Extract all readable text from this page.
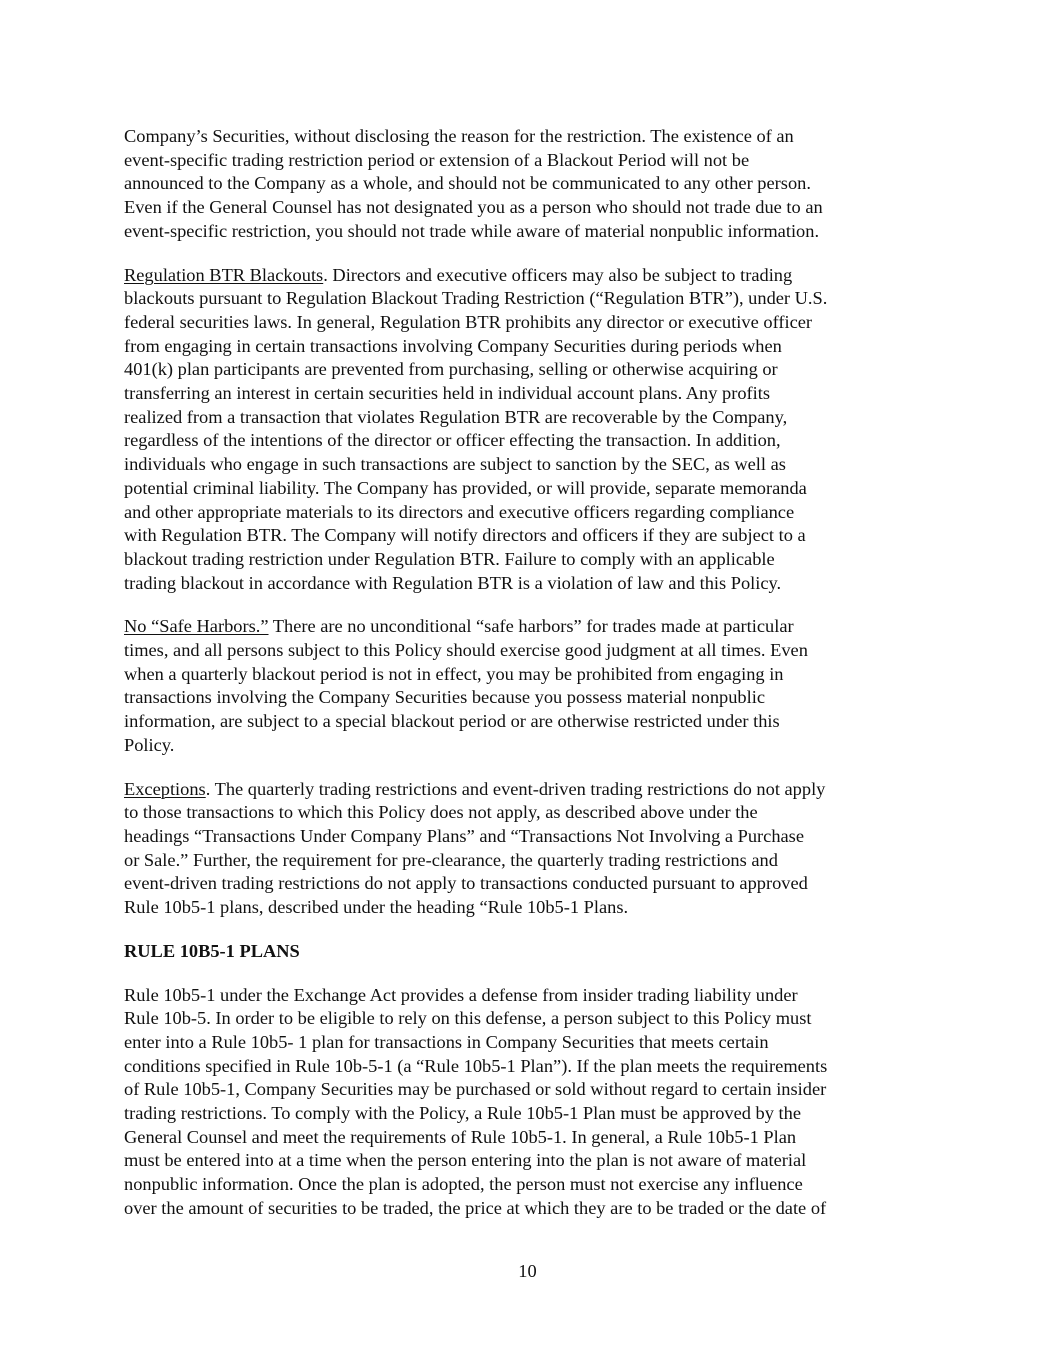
Company’s Securities, without disclosing the reason for the restriction. The existence of an
event-specific trading restriction period or extension of a Blackout Period will not be
announced to the Company as a whole, and should not be communicated to any other person.
Even if the General Counsel has not designated you as a person who should not trade due to an
event-specific restriction, you should not trade while aware of material nonpublic information.

Regulation BTR Blackouts. Directors and executive officers may also be subject to trading
blackouts pursuant to Regulation Blackout Trading Restriction (“Regulation BTR”), under U.S.
federal securities laws. In general, Regulation BTR prohibits any director or executive officer
from engaging in certain transactions involving Company Securities during periods when
401(k) plan participants are prevented from purchasing, selling or otherwise acquiring or
transferring an interest in certain securities held in individual account plans. Any profits
realized from a transaction that violates Regulation BTR are recoverable by the Company,
regardless of the intentions of the director or officer effecting the transaction. In addition,
individuals who engage in such transactions are subject to sanction by the SEC, as well as
potential criminal liability. The Company has provided, or will provide, separate memoranda
and other appropriate materials to its directors and executive officers regarding compliance
with Regulation BTR. The Company will notify directors and officers if they are subject to a
blackout trading restriction under Regulation BTR. Failure to comply with an applicable
trading blackout in accordance with Regulation BTR is a violation of law and this Policy.

No “Safe Harbors.” There are no unconditional “safe harbors” for trades made at particular
times, and all persons subject to this Policy should exercise good judgment at all times. Even
when a quarterly blackout period is not in effect, you may be prohibited from engaging in
transactions involving the Company Securities because you possess material nonpublic
information, are subject to a special blackout period or are otherwise restricted under this
Policy.

Exceptions. The quarterly trading restrictions and event-driven trading restrictions do not apply
to those transactions to which this Policy does not apply, as described above under the
headings “Transactions Under Company Plans” and “Transactions Not Involving a Purchase
or Sale.” Further, the requirement for pre-clearance, the quarterly trading restrictions and
event-driven trading restrictions do not apply to transactions conducted pursuant to approved
Rule 10b5-1 plans, described under the heading “Rule 10b5-1 Plans.

RULE 10B5-1 PLANS

Rule 10b5-1 under the Exchange Act provides a defense from insider trading liability under
Rule 10b-5. In order to be eligible to rely on this defense, a person subject to this Policy must
enter into a Rule 10b5- 1 plan for transactions in Company Securities that meets certain
conditions specified in Rule 10b-5-1 (a “Rule 10b5-1 Plan”). If the plan meets the requirements
of Rule 10b5-1, Company Securities may be purchased or sold without regard to certain insider
trading restrictions. To comply with the Policy, a Rule 10b5-1 Plan must be approved by the
General Counsel and meet the requirements of Rule 10b5-1. In general, a Rule 10b5-1 Plan
must be entered into at a time when the person entering into the plan is not aware of material
nonpublic information. Once the plan is adopted, the person must not exercise any influence
over the amount of securities to be traded, the price at which they are to be traded or the date of

10
